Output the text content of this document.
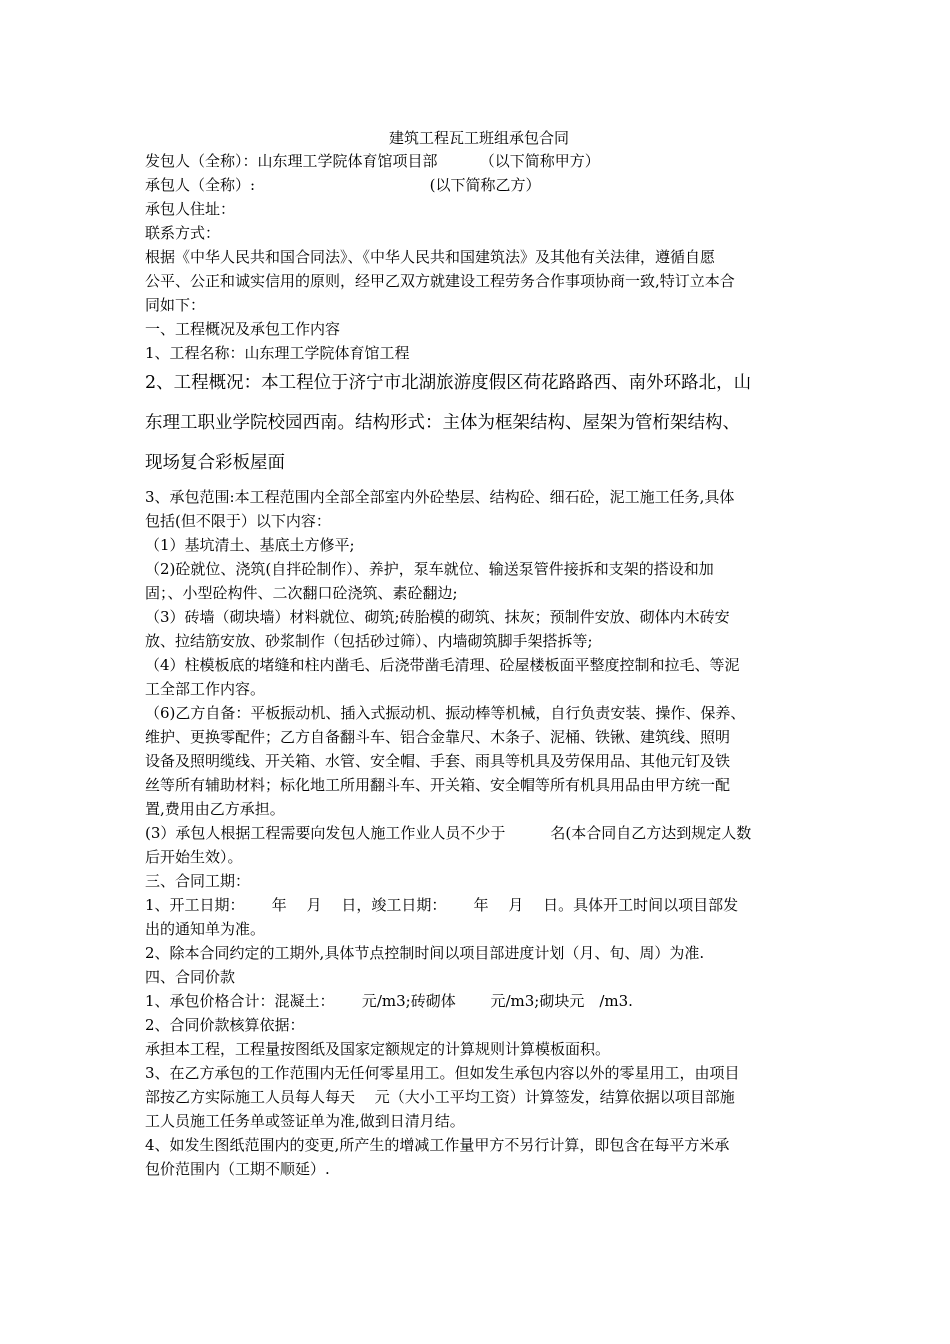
建筑工程瓦工班组承包合同
发包人（全称）：山东理工学院体育馆项目部 　　　（以下简称甲方）
承包人（全称）: 　　　　　　　　　　　 (以下简称乙方）
承包人住址：
联系方式：
根据《中华人民共和国合同法》、《中华人民共和国建筑法》及其他有关法律，遵循自愿
公平、公正和诚实信用的原则，经甲乙双方就建设工程劳务合作事项协商一致,特订立本合
同如下：
一、工程概况及承包工作内容
1、工程名称：山东理工学院体育馆工程
2、工程概况：本工程位于济宁市北湖旅游度假区荷花路路西、南外环路北，山
东理工职业学院校园西南。结构形式：主体为框架结构、屋架为管桁架结构、
现场复合彩板屋面
3、承包范围:本工程范围内全部全部室内外砼垫层、结构砼、细石砼，泥工施工任务,具体
包括(但不限于）以下内容：
（1）基坑清土、基底土方修平;
（2)砼就位、浇筑(自拌砼制作）、养护，泵车就位、输送泵管件接拆和支架的搭设和加
固；、小型砼构件、二次翻口砼浇筑、素砼翻边;
（3）砖墙（砌块墙）材料就位、砌筑;砖胎模的砌筑、抹灰；预制件安放、砌体内木砖安
放、拉结筋安放、砂浆制作（包括砂过筛）、内墙砌筑脚手架搭拆等;
（4）柱模板底的堵缝和柱内凿毛、后浇带凿毛清理、砼屋楼板面平整度控制和拉毛、等泥
工全部工作内容。
（6)乙方自备：平板振动机、插入式振动机、振动棒等机械，自行负责安装、操作、保养、
维护、更换零配件；乙方自备翻斗车、铝合金靠尺、木条子、泥桶、铁锹、建筑线、照明
设备及照明缆线、开关箱、水管、安全帽、手套、雨具等机具及劳保用品、其他元钉及铁
丝等所有辅助材料；标化地工所用翻斗车、开关箱、安全帽等所有机具用品由甲方统一配
置,费用由乙方承担。
(3）承包人根据工程需要向发包人施工作业人员不少于　　　名(本合同自乙方达到规定人数
后开始生效）。
三、合同工期：
1、开工日期：　　 年　 月　 日，竣工日期：　　 年　 月　 日。具体开工时间以项目部发
出的通知单为准。
2、除本合同约定的工期外,具体节点控制时间以项目部进度计划（月、旬、周）为准.
四、合同价款
1、承包价格合计：混凝土：　　 元/m3;砖砌体　　 元/m3;砌块元　/m3.
2、合同价款核算依据：
承担本工程，工程量按图纸及国家定额规定的计算规则计算模板面积。
3、在乙方承包的工作范围内无任何零星用工。但如发生承包内容以外的零星用工，由项目
部按乙方实际施工人员每人每天　 元（大小工平均工资）计算签发，结算依据以项目部施
工人员施工任务单或签证单为准,做到日清月结。
4、如发生图纸范围内的变更,所产生的增减工作量甲方不另行计算，即包含在每平方米承
包价范围内（工期不顺延）.
